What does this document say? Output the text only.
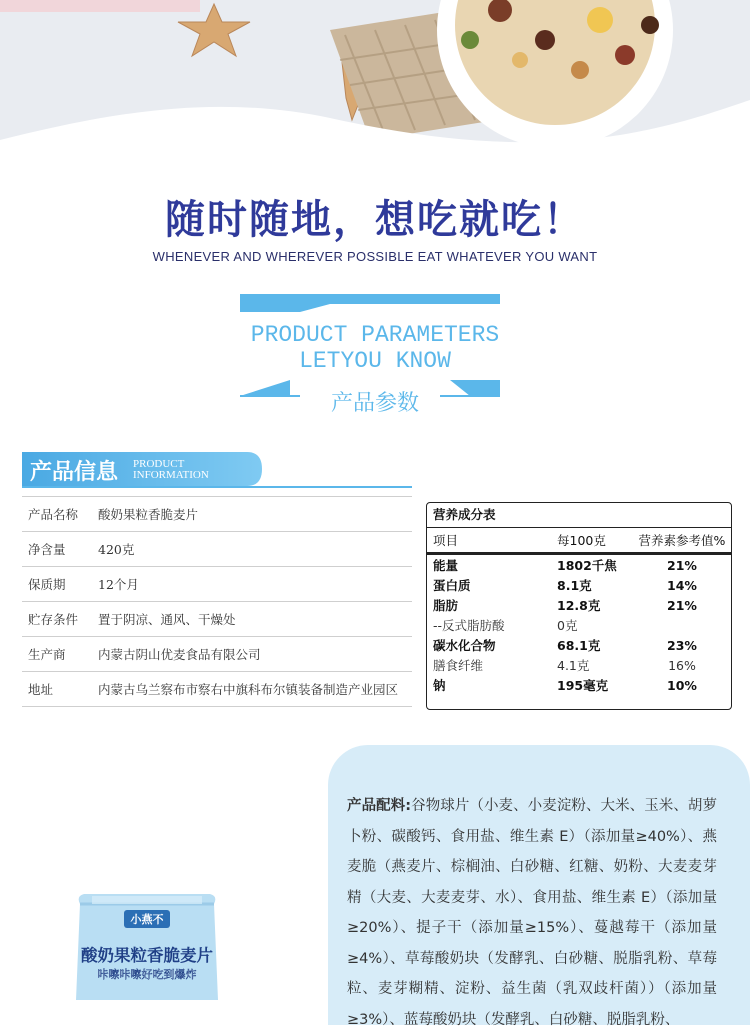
随时随地，想吃就吃！
WHENEVER AND WHEREVER POSSIBLE EAT WHATEVER YOU WANT
PRODUCT PARAMETERS
LETYOU KNOW
产品参数
产品信息 PRODUCT
INFORMATION
产品名称	酸奶果粒香脆麦片
净含量	420克
保质期	12个月
贮存条件	置于阴凉、通风、干燥处
生产商	内蒙古阴山优麦食品有限公司
地址	内蒙古乌兰察布市察右中旗科布尔镇装备制造产业园区
营养成分表
项目	每100克	营养素参考值%
能量	1802千焦	21%
蛋白质	8.1克	14%
脂肪	12.8克	21%
--反式脂肪酸	0克
碳水化合物	68.1克	23%
膳食纤维	4.1克	16%
钠	195毫克	10%
产品配料:谷物球片（小麦、小麦淀粉、大米、玉米、胡萝卜粉、碳酸钙、食用盐、维生素 E）（添加量≥40%）、燕麦脆（燕麦片、棕榈油、白砂糖、红糖、奶粉、大麦麦芽精（大麦、大麦麦芽、水）、食用盐、维生素 E）（添加量≥20%）、提子干（添加量≥15%）、蔓越莓干（添加量≥4%）、草莓酸奶块（发酵乳、白砂糖、脱脂乳粉、草莓粒、麦芽糊精、淀粉、益生菌（乳双歧杆菌））（添加量≥3%）、蓝莓酸奶块（发酵乳、白砂糖、脱脂乳粉、
小燕不
酸奶果粒香脆麦片
咔嚓咔嚓好吃到爆炸
